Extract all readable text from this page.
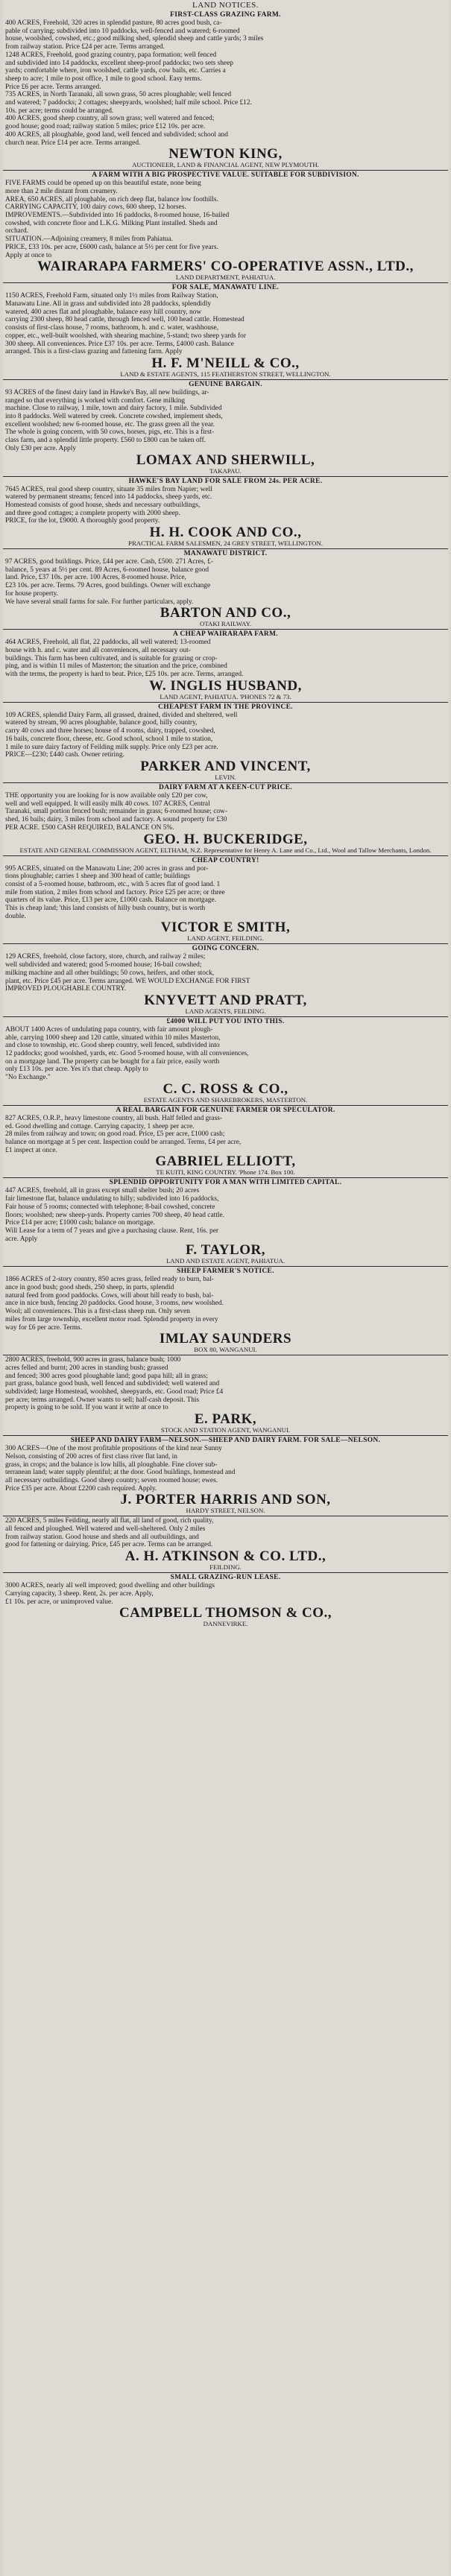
LAND NOTICES.
FIRST-CLASS GRAZING FARM.
400 ACRES, Freehold, 320 acres in splendid pasture, 80 acres good bush, ca-
pable of carrying; subdivided into 10 paddocks, well-fenced and watered; 6-roomed
house, woolshed, cowshed, etc.; good milking shed, splendid sheep and cattle yards; 3 miles
from railway station. Price £24 per acre. Terms arranged.
1248 ACRES, Freehold, good grazing country, papa formation; well fenced
and subdivided into 14 paddocks, excellent sheep-proof paddocks; two sets sheep
yards; comfortable where, iron woolshed, cattle yards, cow bails, etc. Carries a
sheep to acre; 1 mile to post office, 1 mile to good school. Easy terms.
Price £6 per acre. Terms arranged.
735 ACRES, in North Taranaki, all sown grass, 50 acres ploughable; well fenced
and watered; 7 paddocks; 2 cottages; sheepyards, woolshed; half mile school. Price £12.
10s. per acre; terms could be arranged.
400 ACRES, good sheep country, all sown grass; well watered and fenced;
good house; good road; railway station 5 miles; price £12 10s. per acre.
400 ACRES, all ploughable, good land, well fenced and subdivided; school and
church near. Price £14 per acre. Terms arranged.
NEWTON KING,
AUCTIONEER, LAND & FINANCIAL AGENT, NEW PLYMOUTH.
A FARM WITH A BIG PROSPECTIVE VALUE. SUITABLE FOR SUBDIVISION.
FIVE FARMS could be opened up on this beautiful estate, none being
more than 2 mile distant from creamery.
AREA, 650 ACRES, all ploughable, on rich deep flat, balance low foothills.
CARRYING CAPACITY, 100 dairy cows, 600 sheep, 12 horses.
IMPROVEMENTS.—Subdivided into 16 paddocks, 8-roomed house, 16-bailed
cowshed, with concrete floor and L.K.G. Milking Plant installed. Sheds and
orchard.
SITUATION.—Adjoining creamery, 8 miles from Pahiatua.
PRICE, £33 10s. per acre, £6000 cash, balance at 5½ per cent for five years.
Apply at once to
WAIRARAPA FARMERS' CO-OPERATIVE ASSN., LTD.,
LAND DEPARTMENT, PAHIATUA.
FOR SALE, MANAWATU LINE.
1150 ACRES, Freehold Farm, situated only 1½ miles from Railway Station,
Manawatu Line. All in grass and subdivided into 28 paddocks, splendidly
watered, 400 acres flat and ploughable, balance easy hill country, now
carrying 2300 sheep, 80 head cattle, through fenced well, 100 head cattle. Homestead
consists of first-class house, 7 rooms, bathroom, h. and c. water, washhouse,
copper, etc., well-built woolshed, with shearing machine, 5-stand; two sheep yards for
300 sheep. All conveniences. Price £37 10s. per acre. Terms, £4000 cash. Balance
arranged. This is a first-class grazing and fattening farm. Apply
H. F. M'NEILL & CO.,
LAND & ESTATE AGENTS, 115 FEATHERSTON STREET, WELLINGTON.
GENUINE BARGAIN.
93 ACRES of the finest dairy land in Hawke's Bay, all new buildings, ar-
ranged so that everything is worked with comfort. Gene milking
machine. Close to railway, 1 mile, town and dairy factory, 1 mile. Subdivided
into 8 paddocks. Well watered by creek. Concrete cowshed, implement sheds,
excellent woolshed; new 6-roomed house, etc. The grass green all the year.
The whole is going concern, with 50 cows, horses, pigs, etc. This is a first-
class farm, and a splendid little property. £560 to £800 can be taken off.
Only £30 per acre. Apply
LOMAX AND SHERWILL,
TAKAPAU.
HAWKE'S BAY LAND FOR SALE FROM 24s. PER ACRE.
7645 ACRES, real good sheep country, situate 35 miles from Napier; well
watered by permanent streams; fenced into 14 paddocks, sheep yards, etc.
Homestead consists of good house, sheds and necessary outbuildings,
and three good cottages; a complete property with 2000 sheep.
PRICE, for the lot, £9000. A thoroughly good property.
H. H. COOK AND CO.,
PRACTICAL FARM SALESMEN, 24 GREY STREET, WELLINGTON.
MANAWATU DISTRICT.
97 ACRES, good buildings. Price, £44 per acre. Cash, £500. 271 Acres, £-
balance, 5 years at 5½ per cent. 89 Acres, 6-roomed house, balance good
land. Price, £37 10s. per acre. 100 Acres, 8-roomed house. Price,
£23 10s. per acre. Terms. 79 Acres, good buildings. Owner will exchange
for house property.
We have several small farms for sale. For further particulars, apply.
BARTON AND CO.,
OTAKI RAILWAY.
A CHEAP WAIRARAPA FARM.
464 ACRES, Freehold, all flat, 22 paddocks, all well watered; 13-roomed
house with h. and c. water and all conveniences, all necessary out-
buildings. This farm has been cultivated, and is suitable for grazing or crop-
ping, and is within 11 miles of Masterton; the situation and the price, combined
with the terms, the property is hard to beat. Price, £25 10s. per acre. Terms, arranged.
W. INGLIS HUSBAND,
LAND AGENT, PAHIATUA. 'PHONES 72 & 73.
CHEAPEST FARM IN THE PROVINCE.
109 ACRES, splendid Dairy Farm, all grassed, drained, divided and sheltered, well
watered by stream, 90 acres ploughable, balance good, hilly country,
carry 40 cows and three horses; house of 4 rooms, dairy, trapped, cowshed,
16 bails, concrete floor, cheese, etc. Good school, school 1 mile to station,
1 mile to sure dairy factory of Feilding milk supply. Price only £23 per acre.
PRICE—£230; £440 cash. Owner retiring.
PARKER AND VINCENT,
LEVIN.
DAIRY FARM AT A KEEN-CUT PRICE.
THE opportunity you are looking for is now available only £20 per cow,
well and well equipped. It will easily milk 40 cows. 107 ACRES, Central
Taranaki, small portion fenced bush; remainder in grass; 6-roomed house; cow-
shed, 16 bails; dairy, 3 miles from school and factory. A sound property for £30
PER ACRE. £500 CASH REQUIRED, BALANCE ON 5%.
GEO. H. BUCKERIDGE,
ESTATE AND GENERAL COMMISSION AGENT, ELTHAM, N.Z. Representative for Henry A. Lane and Co., Ltd., Wool and Tallow Merchants, London.
CHEAP COUNTRY!
995 ACRES, situated on the Manawatu Line; 200 acres in grass and por-
tions ploughable; carries 1 sheep and 300 head of cattle; buildings
consist of a 5-roomed house, bathroom, etc., with 5 acres flat of good land. 1
mile from station, 2 miles from school and factory. Price £25 per acre; or three
quarters of its value. Price, £13 per acre, £1000 cash. Balance on mortgage.
This is cheap land; 'this land consists of hilly bush country, but is worth
double.
VICTOR E SMITH,
LAND AGENT, FEILDING.
GOING CONCERN.
129 ACRES, freehold, close factory, store, church, and railway 2 miles;
well subdivided and watered; good 5-roomed house; 16-bail cowshed;
milking machine and all other buildings; 50 cows, heifers, and other stock,
plant, etc. Price £45 per acre. Terms arranged. WE WOULD EXCHANGE FOR FIRST
IMPROVED PLOUGHABLE COUNTRY.
KNYVETT AND PRATT,
LAND AGENTS, FEILDING.
£4000 WILL PUT YOU INTO THIS.
ABOUT 1400 Acres of undulating papa country, with fair amount plough-
able, carrying 1000 sheep and 120 cattle, situated within 10 miles Masterton,
and close to township, etc. Good sheep country, well fenced, subdivided into
12 paddocks; good woolshed, yards, etc. Good 5-roomed house, with all conveniences,
on a mortgage land. The property can be bought for a fair price, easily worth
only £13 10s. per acre. Yes it's that cheap. Apply to
"No Exchange."
C. C. ROSS & CO.,
ESTATE AGENTS AND SHAREBROKERS, MASTERTON.
A REAL BARGAIN FOR GENUINE FARMER OR SPECULATOR.
827 ACRES, O.R.P., heavy limestone country, all bush. Half felled and grass-
ed. Good dwelling and cottage. Carrying capacity, 1 sheep per acre.
28 miles from railway and town; on good road. Price, £5 per acre, £1000 cash;
balance on mortgage at 5 per cent. Inspection could be arranged. Terms, £4 per acre,
£1 inspect at once.
GABRIEL ELLIOTT,
TE KUITI, KING COUNTRY. 'Phone 174. Box 100.
SPLENDID OPPORTUNITY FOR A MAN WITH LIMITED CAPITAL.
447 ACRES, freehold, all in grass except small shelter bush; 20 acres
fair limestone flat, balance undulating to hilly; subdivided into 16 paddocks,
Fair house of 5 rooms; connected with telephone; 8-bail cowshed, concrete
floors; woolshed; new sheep-yards. Property carries 700 sheep, 40 head cattle.
Price £14 per acre; £1000 cash; balance on mortgage.
Will Lease for a term of 7 years and give a purchasing clause. Rent, 16s. per
acre. Apply
F. TAYLOR,
LAND AND ESTATE AGENT, PAHIATUA.
SHEEP FARMER'S NOTICE.
1866 ACRES of 2-story country, 850 acres grass, felled ready to burn, bal-
ance in good bush; good sheds, 250 sheep, in parts, splendid
natural feed from good paddocks. Cows, will about hill ready to bush, bal-
ance in nice bush, fencing 20 paddocks. Good house, 3 rooms, new woolshed.
Wool; all conveniences. This is a first-class sheep run. Only seven
miles from large township, excellent motor road. Splendid property in every
way for £6 per acre. Terms.
IMLAY SAUNDERS
BOX 80, WANGANUI.
2800 ACRES, freehold, 900 acres in grass, balance bush; 1000
acres felled and burnt; 200 acres in standing bush; grassed
and fenced; 300 acres good ploughable land; good papa hill; all in grass;
part grass, balance good bush, well fenced and subdivided; well watered and
subdivided; large Homestead, woolshed, sheepyards, etc. Good road; Price £4
per acre; terms arranged. Owner wants to sell; half-cash deposit. This
property is going to be sold. If you want it write at once to
E. PARK,
STOCK AND STATION AGENT, WANGANUI.
SHEEP AND DAIRY FARM—NELSON.—SHEEP AND DAIRY FARM. FOR SALE—NELSON.
300 ACRES—One of the most profitable propositions of the kind near Sunny
Nelson, consisting of 200 acres of first class river flat land, in
grass, in crops; and the balance is low hills, all ploughable. Fine clover sub-
terranean land; water supply plentiful; at the door. Good buildings, homestead and
all necessary outbuildings. Good sheep country; seven roomed house; ewes.
Price £35 per acre. About £2200 cash required. Apply.
J. PORTER HARRIS AND SON,
HARDY STREET, NELSON.
220 ACRES, 5 miles Feilding, nearly all flat, all land of good, rich quality,
all fenced and ploughed. Well watered and well-sheltered. Only 2 miles
from railway station. Good house and sheds and all outbuildings, and
good for fattening or dairying. Price, £45 per acre. Terms can be arranged.
A. H. ATKINSON & CO. LTD.,
FEILDING.
SMALL GRAZING-RUN LEASE.
3000 ACRES, nearly all well improved; good dwelling and other buildings
Carrying capacity, 3 sheep. Rent, 2s. per acre. Apply,
£1 10s. per acre, or unimproved value.
CAMPBELL THOMSON & CO.,
DANNEVIRKE.
